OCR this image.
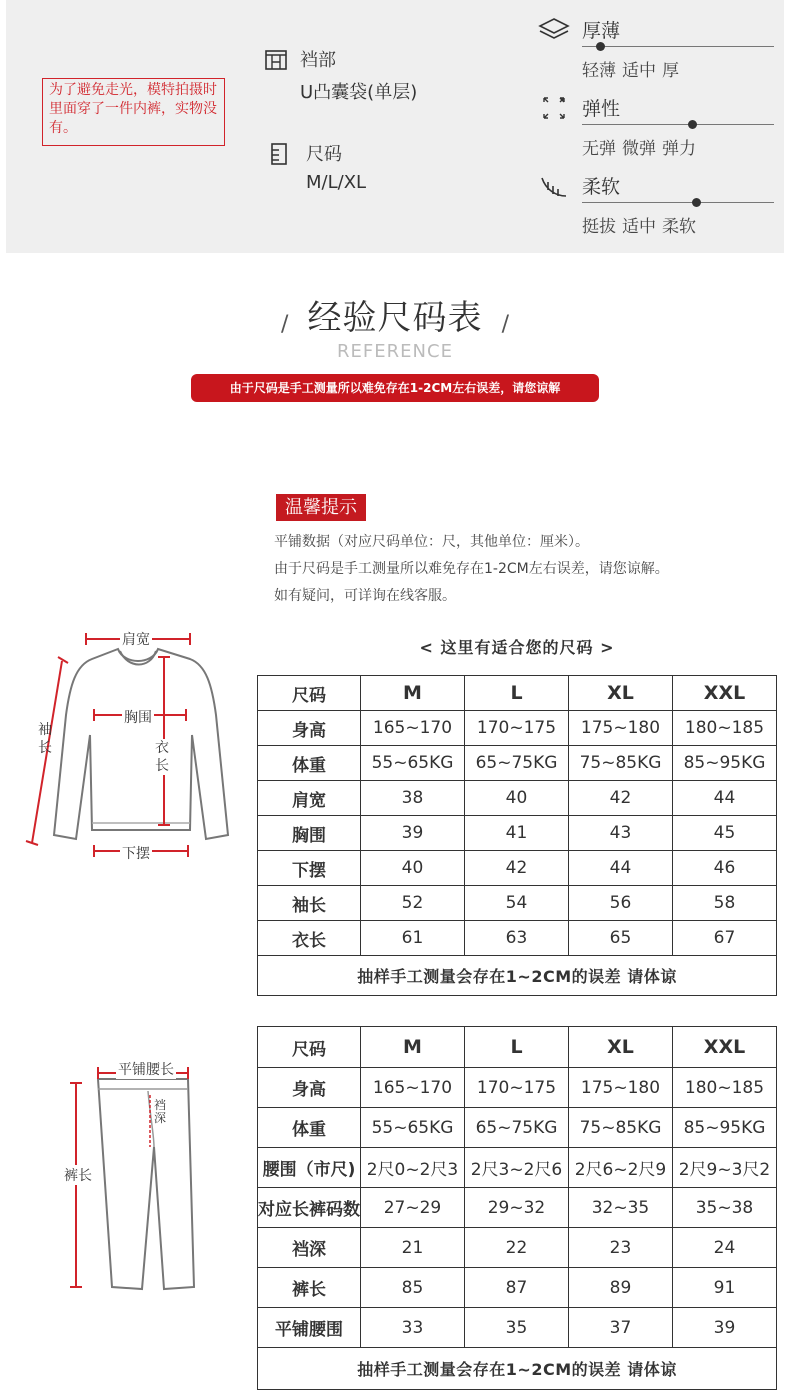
为了避免走光，模特拍摄时里面穿了一件内裤，实物没有。
裆部
U凸囊袋(单层)
尺码
M/L/XL
厚薄
轻薄 适中 厚
弹性
无弹 微弹 弹力
柔软
挺拔 适中 柔软
/ 经验尺码表 /
REFERENCE
由于尺码是手工测量所以难免存在1-2CM左右误差，请您谅解
温馨提示
平铺数据（对应尺码单位：尺，其他单位：厘米）。
由于尺码是手工测量所以难免存在1-2CM左右误差，请您谅解。
如有疑问，可详询在线客服。
肩宽
胸围
下摆
袖长	衣长
平铺腰长
裆深
裤长
< 这里有适合您的尺码 >
尺码	M	L	XL	XXL
身高	165~170	170~175	175~180	180~185
体重	55~65KG	65~75KG	75~85KG	85~95KG
肩宽	38	40	42	44
胸围	39	41	43	45
下摆	40	42	44	46
袖长	52	54	56	58
衣长	61	63	65	67
抽样手工测量会存在1~2CM的误差 请体谅				
尺码	M	L	XL	XXL
身高	165~170	170~175	175~180	180~185
体重	55~65KG	65~75KG	75~85KG	85~95KG
腰围（市尺)	2尺0~2尺3	2尺3~2尺6	2尺6~2尺9	2尺9~3尺2
对应长裤码数	27~29	29~32	32~35	35~38
裆深	21	22	23	24
裤长	85	87	89	91
平铺腰围	33	35	37	39
抽样手工测量会存在1~2CM的误差 请体谅				
